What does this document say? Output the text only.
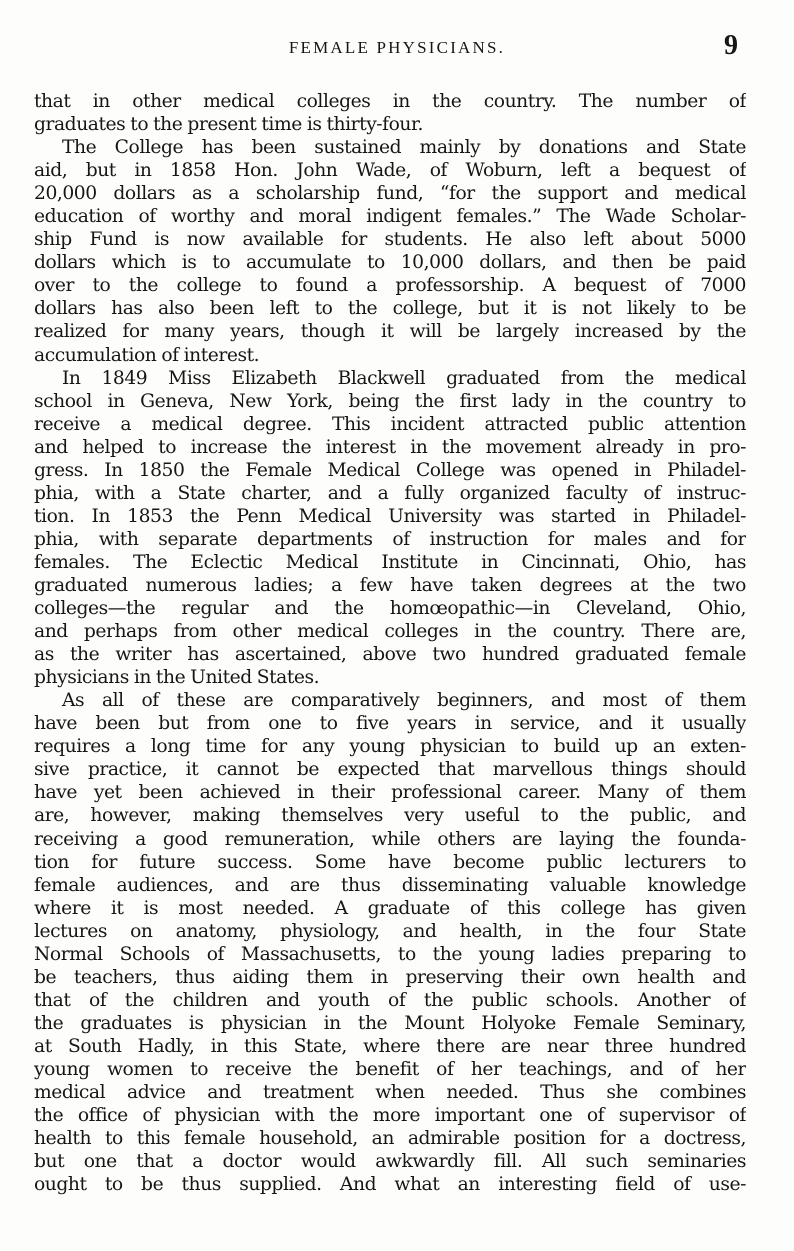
FEMALE PHYSICIANS.	9
that in other medical colleges in the country. The number of
graduates to the present time is thirty-four.
The College has been sustained mainly by donations and State
aid, but in 1858 Hon. John Wade, of Woburn, left a bequest of
20,000 dollars as a scholarship fund, “for the support and medical
education of worthy and moral indigent females.” The Wade Scholar-
ship Fund is now available for students. He also left about 5000
dollars which is to accumulate to 10,000 dollars, and then be paid
over to the college to found a professorship. A bequest of 7000
dollars has also been left to the college, but it is not likely to be
realized for many years, though it will be largely increased by the
accumulation of interest.
In 1849 Miss Elizabeth Blackwell graduated from the medical
school in Geneva, New York, being the first lady in the country to
receive a medical degree. This incident attracted public attention
and helped to increase the interest in the movement already in pro-
gress. In 1850 the Female Medical College was opened in Philadel-
phia, with a State charter, and a fully organized faculty of instruc-
tion. In 1853 the Penn Medical University was started in Philadel-
phia, with separate departments of instruction for males and for
females. The Eclectic Medical Institute in Cincinnati, Ohio, has
graduated numerous ladies; a few have taken degrees at the two
colleges—the regular and the homœopathic—in Cleveland, Ohio,
and perhaps from other medical colleges in the country. There are,
as the writer has ascertained, above two hundred graduated female
physicians in the United States.
As all of these are comparatively beginners, and most of them
have been but from one to five years in service, and it usually
requires a long time for any young physician to build up an exten-
sive practice, it cannot be expected that marvellous things should
have yet been achieved in their professional career. Many of them
are, however, making themselves very useful to the public, and
receiving a good remuneration, while others are laying the founda-
tion for future success. Some have become public lecturers to
female audiences, and are thus disseminating valuable knowledge
where it is most needed. A graduate of this college has given
lectures on anatomy, physiology, and health, in the four State
Normal Schools of Massachusetts, to the young ladies preparing to
be teachers, thus aiding them in preserving their own health and
that of the children and youth of the public schools. Another of
the graduates is physician in the Mount Holyoke Female Seminary,
at South Hadly, in this State, where there are near three hundred
young women to receive the benefit of her teachings, and of her
medical advice and treatment when needed. Thus she combines
the office of physician with the more important one of supervisor of
health to this female household, an admirable position for a doctress,
but one that a doctor would awkwardly fill. All such seminaries
ought to be thus supplied. And what an interesting field of use-
